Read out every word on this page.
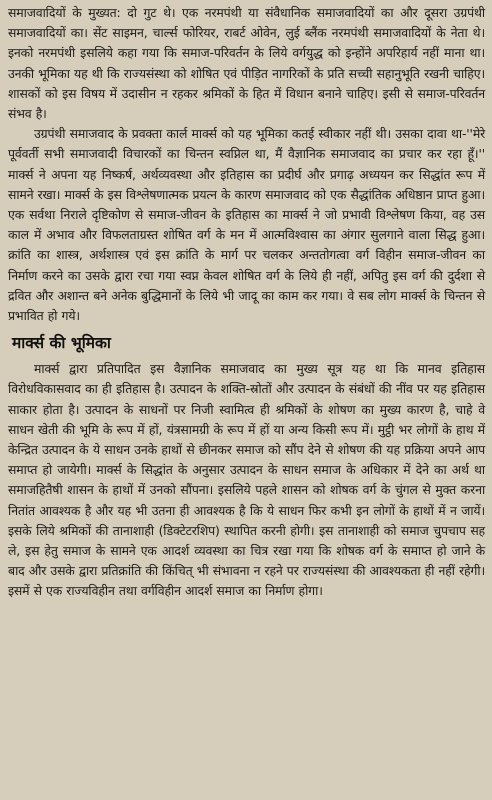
समाजवादियों के मुख्यत: दो गुट थे। एक नरमपंथी या संवैधानिक समाजवादियों का और दूसरा उग्रपंथी समाजवादियों का। सेंट साइमन, चार्ल्स फोरियर, राबर्ट ओवेन, लुई ब्लैंक नरमपंथी समाजवादियों के नेता थे। इनको नरमपंथी इसलिये कहा गया कि समाज-परिवर्तन के लिये वर्गयुद्ध को इन्होंने अपरिहार्य नहीं माना था। उनकी भूमिका यह थी कि राज्यसंस्था को शोषित एवं पीड़ित नागरिकों के प्रति सच्ची सहानुभूति रखनी चाहिए। शासकों को इस विषय में उदासीन न रहकर श्रमिकों के हित में विधान बनाने चाहिए। इसी से समाज-परिवर्तन संभव है।

उग्रपंथी समाजवाद के प्रवक्ता कार्ल मार्क्स को यह भूमिका कतई स्वीकार नहीं थी। उसका दावा था-''मेरे पूर्ववर्ती सभी समाजवादी विचारकों का चिन्तन स्वप्निल था, मैं वैज्ञानिक समाजवाद का प्रचार कर रहा हूँ।'' मार्क्स ने अपना यह निष्कर्ष, अर्थव्यवस्था और इतिहास का प्रदीर्घ और प्रगाढ़ अध्ययन कर सिद्धांत रूप में सामने रखा। मार्क्स के इस विश्लेषणात्मक प्रयत्न के कारण समाजवाद को एक सैद्धांतिक अधिष्ठान प्राप्त हुआ। एक सर्वथा निराले दृष्टिकोण से समाज-जीवन के इतिहास का मार्क्स ने जो प्रभावी विश्लेषण किया, वह उस काल में अभाव और विफलताग्रस्त शोषित वर्ग के मन में आत्मविश्वास का अंगार सुलगाने वाला सिद्ध हुआ। क्रांति का शास्त्र, अर्थशास्त्र एवं इस क्रांति के मार्ग पर चलकर अन्ततोगत्वा वर्ग विहीन समाज-जीवन का निर्माण करने का उसके द्वारा रचा गया स्वप्न केवल शोषित वर्ग के लिये ही नहीं, अपितु इस वर्ग की दुर्दशा से द्रवित और अशान्त बने अनेक बुद्धिमानों के लिये भी जादू का काम कर गया। वे सब लोग मार्क्स के चिन्तन से प्रभावित हो गये।

मार्क्स की भूमिका

मार्क्स द्वारा प्रतिपादित इस वैज्ञानिक समाजवाद का मुख्य सूत्र यह था कि मानव इतिहास विरोधविकासवाद का ही इतिहास है। उत्पादन के शक्ति-स्रोतों और उत्पादन के संबंधों की नींव पर यह इतिहास साकार होता है। उत्पादन के साधनों पर निजी स्वामित्व ही श्रमिकों के शोषण का मुख्य कारण है, चाहे वे साधन खेती की भूमि के रूप में हों, यंत्रसामग्री के रूप में हों या अन्य किसी रूप में। मुट्ठी भर लोगों के हाथ में केन्द्रित उत्पादन के ये साधन उनके हाथों से छीनकर समाज को सौंप देने से शोषण की यह प्रक्रिया अपने आप समाप्त हो जायेगी। मार्क्स के सिद्धांत के अनुसार उत्पादन के साधन समाज के अधिकार में देने का अर्थ था समाजहितैषी शासन के हाथों में उनको सौंपना। इसलिये पहले शासन को शोषक वर्ग के चुंगल से मुक्त करना नितांत आवश्यक है और यह भी उतना ही आवश्यक है कि ये साधन फिर कभी इन लोगों के हाथों में न जायें। इसके लिये श्रमिकों की तानाशाही (डिक्टेटरशिप) स्थापित करनी होगी। इस तानाशाही को समाज चुपचाप सह ले, इस हेतु समाज के सामने एक आदर्श व्यवस्था का चित्र रखा गया कि शोषक वर्ग के समाप्त हो जाने के बाद और उसके द्वारा प्रतिक्रांति की किंचित् भी संभावना न रहने पर राज्यसंस्था की आवश्यकता ही नहीं रहेगी। इसमें से एक राज्यविहीन तथा वर्गविहीन आदर्श समाज का निर्माण होगा।
